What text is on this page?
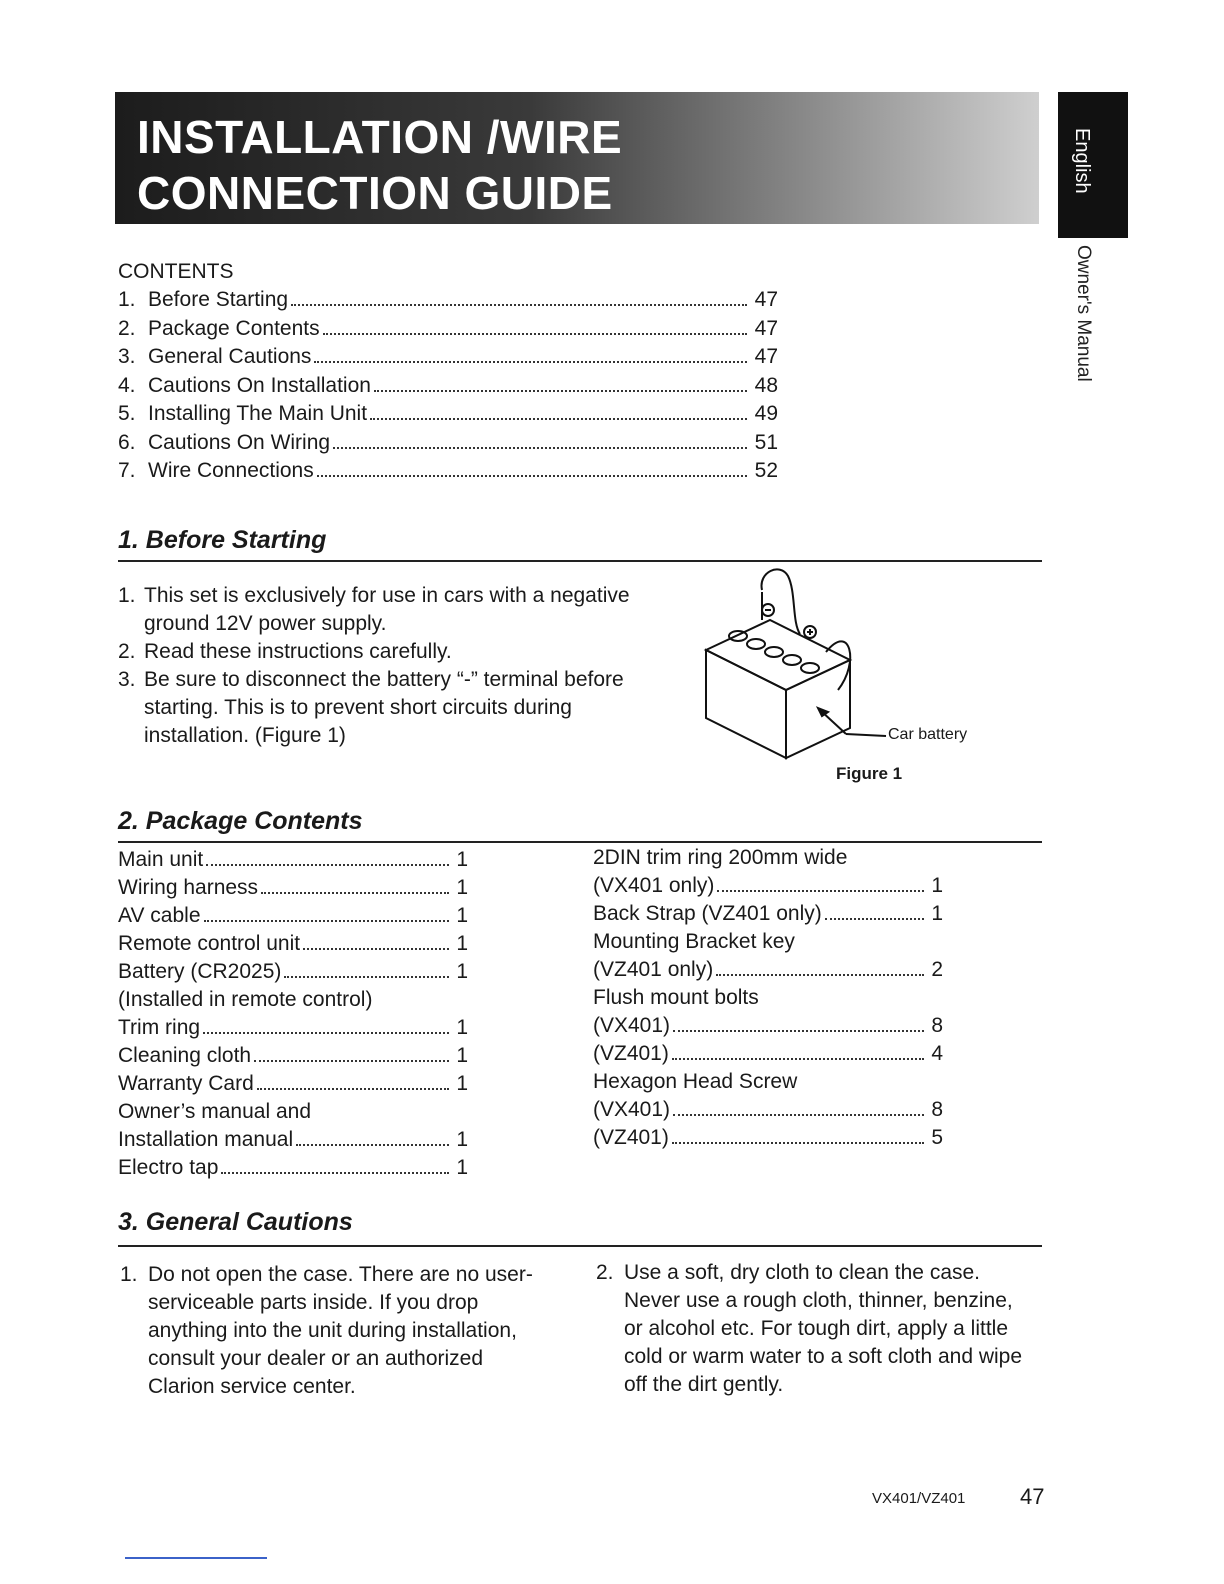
INSTALLATION /WIRE
CONNECTION GUIDE	English
Owner's Manual
CONTENTS
1. Before Starting	47
2. Package Contents	47
3. General Cautions	47
4. Cautions On Installation	48
5. Installing The Main Unit	49
6. Cautions On Wiring	51
7. Wire Connections	52
1. Before Starting
1. This set is exclusively for use in cars with a negative ground 12V power supply.
2. Read these instructions carefully.
3. Be sure to disconnect the battery “-” terminal before starting. This is to prevent short circuits during installation. (Figure 1)	Car battery
Figure 1
2. Package Contents
Main unit	1
Wiring harness	1
AV cable	1
Remote control unit	1
Battery (CR2025)	1
(Installed in remote control)
Trim ring	1
Cleaning cloth	1
Warranty Card	1
Owner’s manual and
Installation manual	1
Electro tap	1
2DIN trim ring 200mm wide
(VX401 only)	1
Back Strap (VZ401 only)	1
Mounting Bracket key
(VZ401 only)	2
Flush mount bolts
(VX401)	8
(VZ401)	4
Hexagon Head Screw
(VX401)	8
(VZ401)	5
3. General Cautions
1. Do not open the case. There are no user- serviceable parts inside. If you drop anything into the unit during installation, consult your dealer or an authorized Clarion service center.
2. Use a soft, dry cloth to clean the case. Never use a rough cloth, thinner, benzine, or alcohol etc. For tough dirt, apply a little cold or warm water to a soft cloth and wipe off the dirt gently.
VX401/VZ401 47
